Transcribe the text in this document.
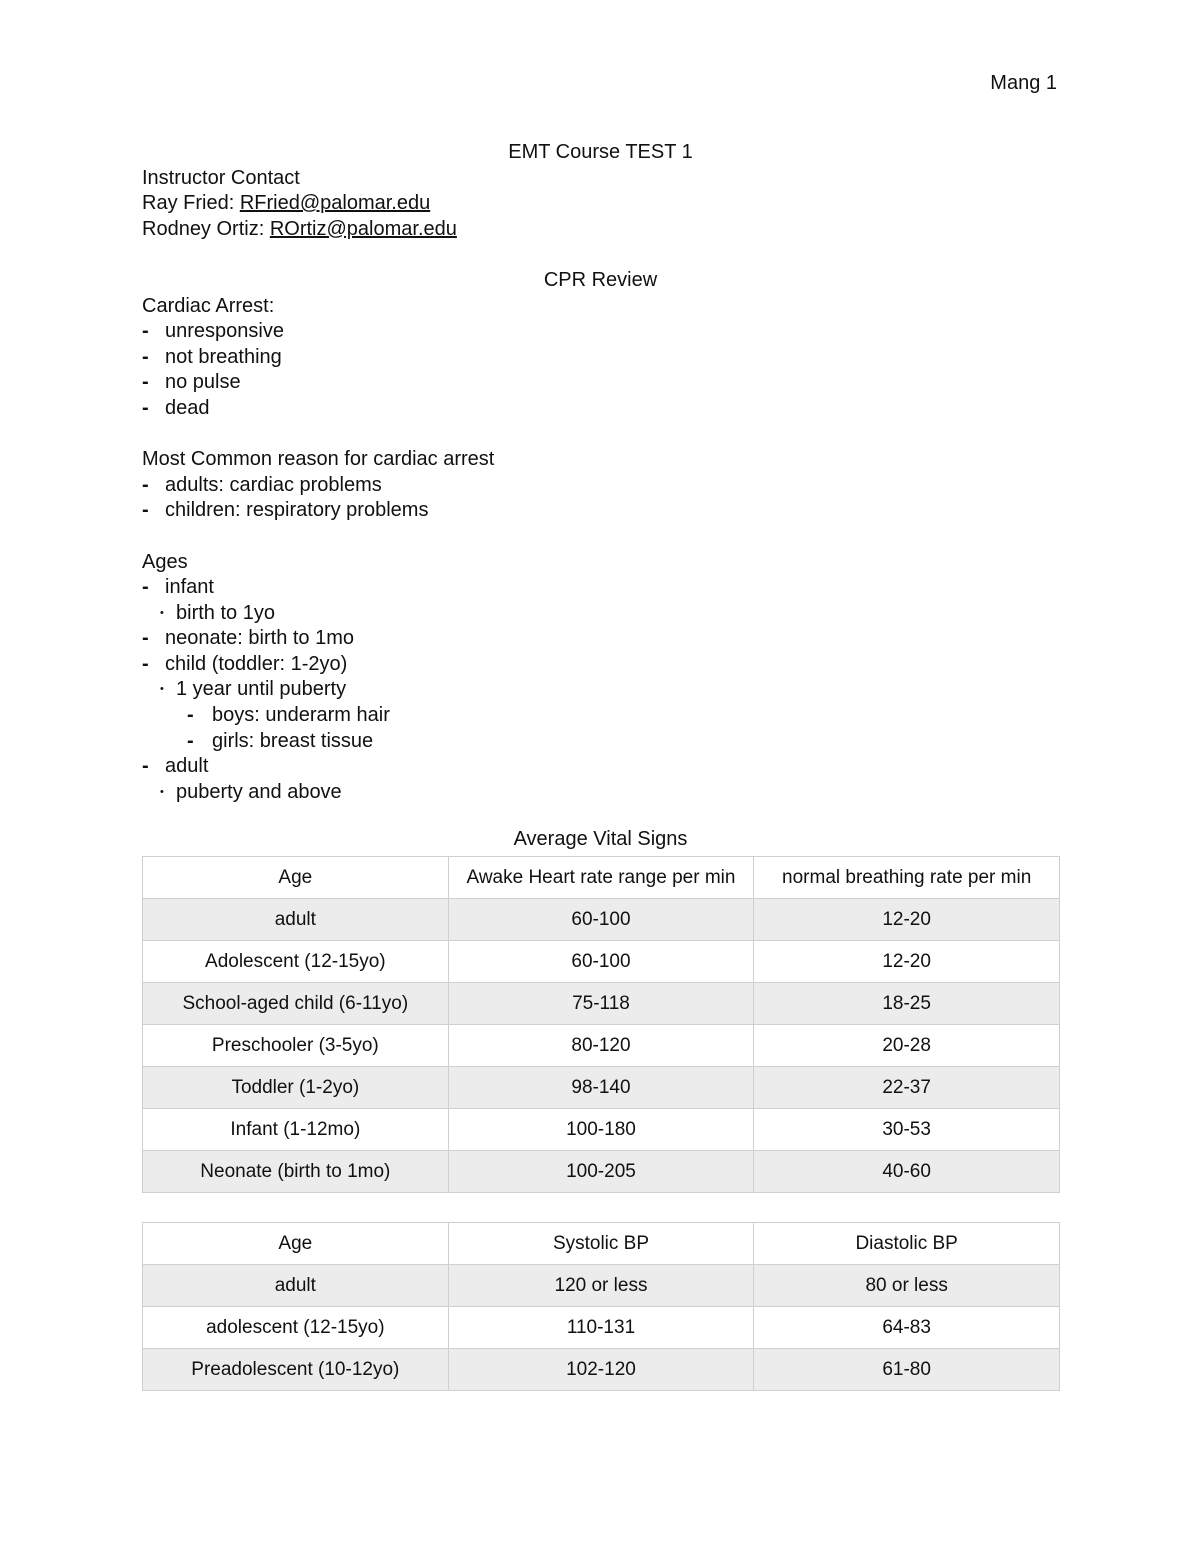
Mang 1
EMT Course TEST 1
Instructor Contact
Ray Fried: RFried@palomar.edu
Rodney Ortiz: ROrtiz@palomar.edu
CPR Review
Cardiac Arrest:
- unresponsive
- not breathing
- no pulse
- dead
Most Common reason for cardiac arrest
- adults: cardiac problems
- children: respiratory problems
Ages
- infant
• birth to 1yo
- neonate: birth to 1mo
- child (toddler: 1-2yo)
• 1 year until puberty
- boys: underarm hair
- girls: breast tissue
- adult
• puberty and above
Average Vital Signs
Age	Awake Heart rate range per min	normal breathing rate per min
adult	60-100	12-20
Adolescent (12-15yo)	60-100	12-20
School-aged child (6-11yo)	75-118	18-25
Preschooler (3-5yo)	80-120	20-28
Toddler (1-2yo)	98-140	22-37
Infant (1-12mo)	100-180	30-53
Neonate (birth to 1mo)	100-205	40-60
Age	Systolic BP	Diastolic BP
adult	120 or less	80 or less
adolescent (12-15yo)	110-131	64-83
Preadolescent (10-12yo)	102-120	61-80
